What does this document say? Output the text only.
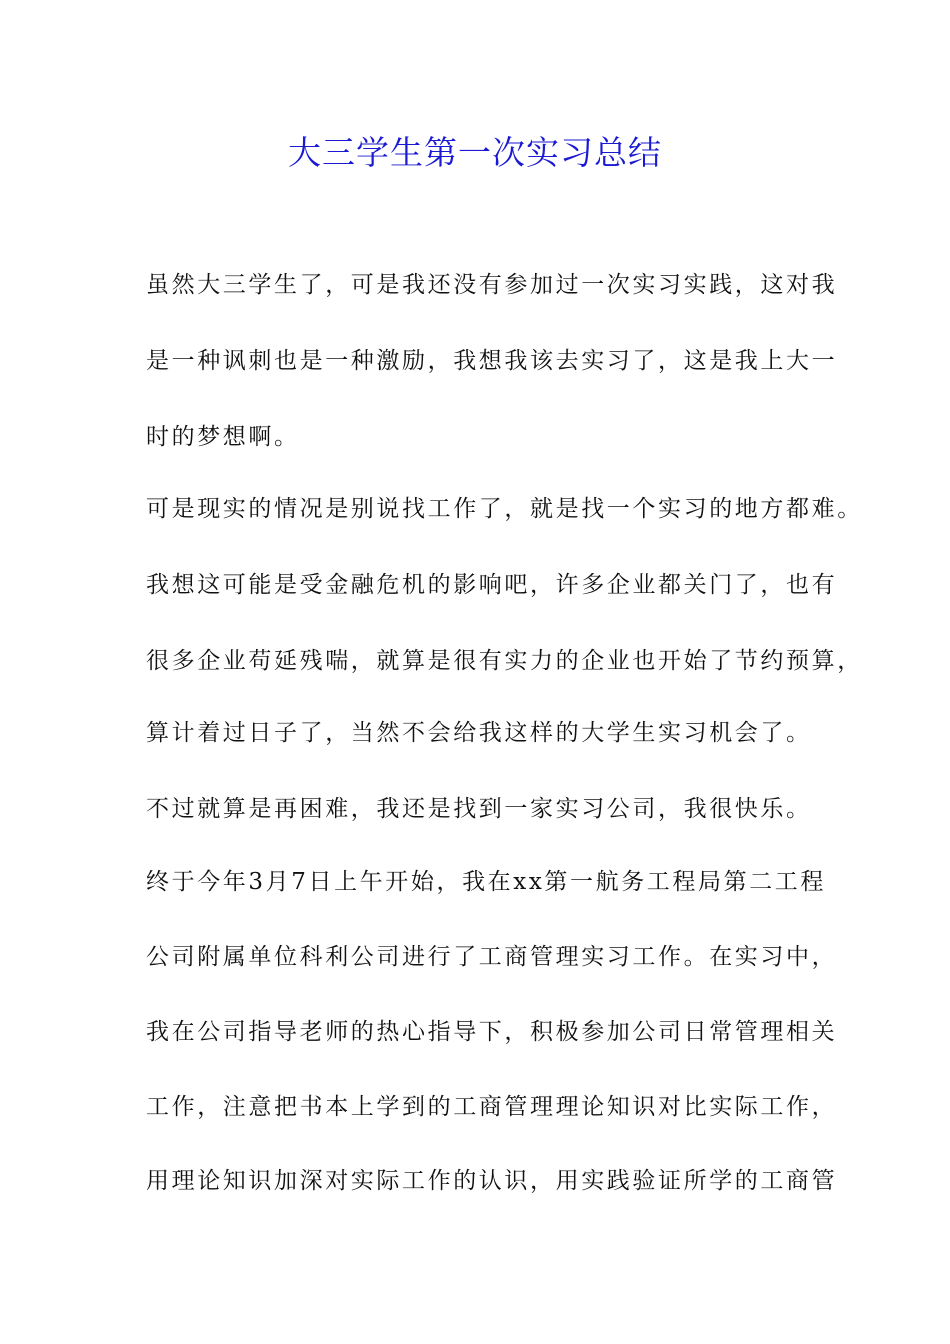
大三学生第一次实习总结
虽然大三学生了，可是我还没有参加过一次实习实践，这对我
是一种讽刺也是一种激励，我想我该去实习了，这是我上大一
时的梦想啊。
可是现实的情况是别说找工作了，就是找一个实习的地方都难。
我想这可能是受金融危机的影响吧，许多企业都关门了，也有
很多企业苟延残喘，就算是很有实力的企业也开始了节约预算，
算计着过日子了，当然不会给我这样的大学生实习机会了。
不过就算是再困难，我还是找到一家实习公司，我很快乐。
终于今年3月7日上午开始，我在xx第一航务工程局第二工程
公司附属单位科利公司进行了工商管理实习工作。在实习中，
我在公司指导老师的热心指导下，积极参加公司日常管理相关
工作，注意把书本上学到的工商管理理论知识对比实际工作，
用理论知识加深对实际工作的认识，用实践验证所学的工商管
